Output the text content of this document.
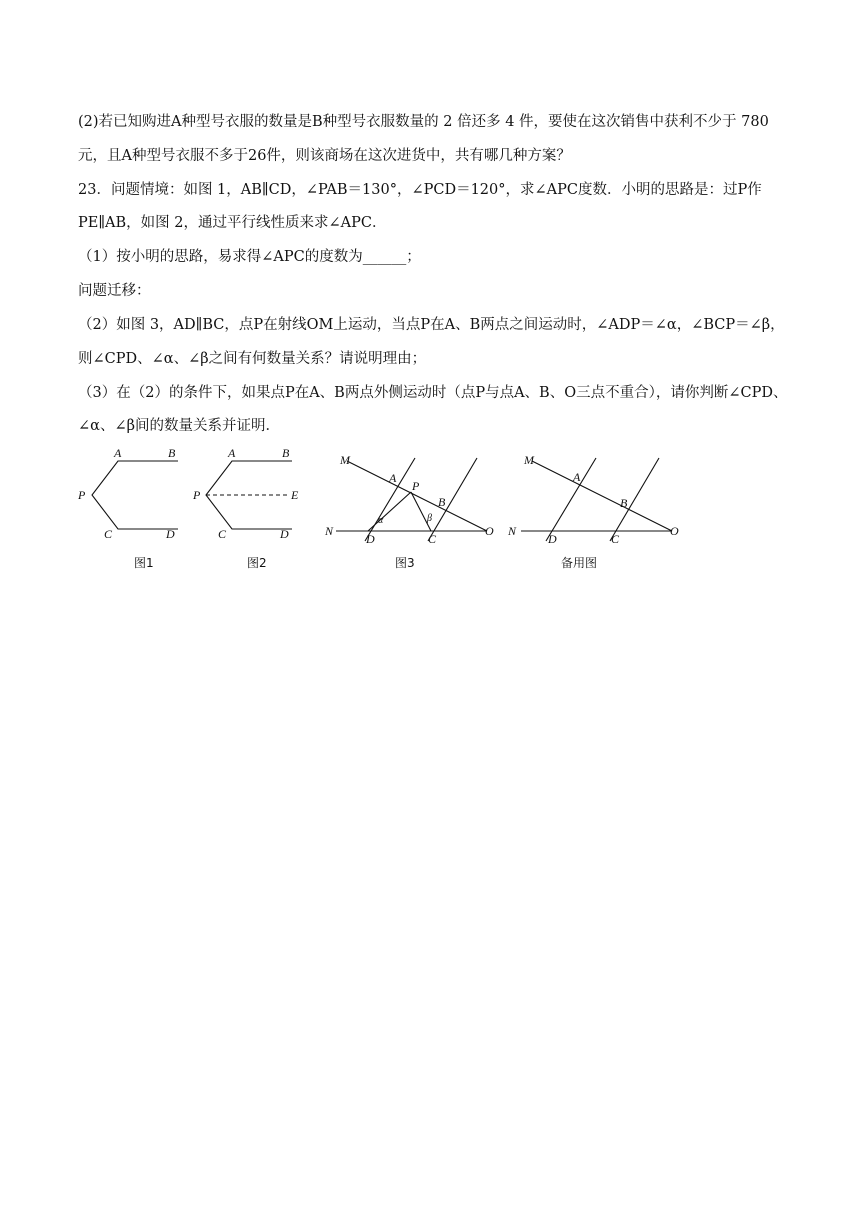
(2)若已知购进A种型号衣服的数量是B种型号衣服数量的 2 倍还多 4 件，要使在这次销售中获利不少于 780
元，且A种型号衣服不多于26件，则该商场在这次进货中，共有哪几种方案？
23．问题情境：如图 1，AB∥CD，∠PAB＝130°，∠PCD＝120°，求∠APC度数．小明的思路是：过P作
PE∥AB，如图 2，通过平行线性质来求∠APC．
（1）按小明的思路，易求得∠APC的度数为______；
问题迁移：
（2）如图 3，AD∥BC，点P在射线OM上运动，当点P在A、B两点之间运动时，∠ADP＝∠α，∠BCP＝∠β，
则∠CPD、∠α、∠β之间有何数量关系？请说明理由；
（3）在（2）的条件下，如果点P在A、B两点外侧运动时（点P与点A、B、O三点不重合），请你判断∠CPD、
∠α、∠β间的数量关系并证明．
A	B
P
C	D
图1
A	B
P	E
C	D
图2
M
A
P
B
α	β
N
D	C
O
图3
M
A
B
N
D	C
O
备用图
